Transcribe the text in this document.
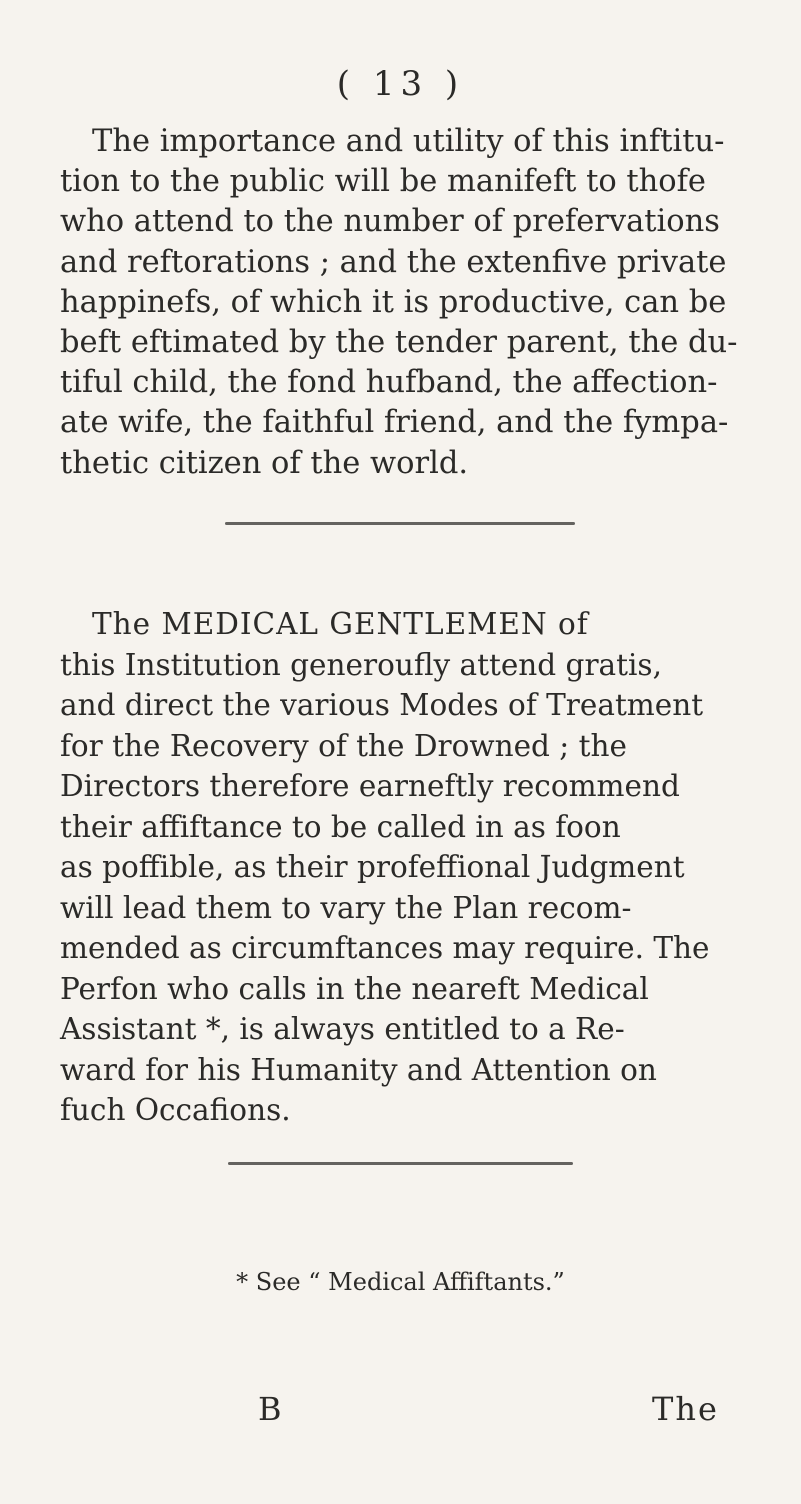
( 13 )
The importance and utility of this inftitu-
tion to the public will be manifeft to thofe
who attend to the number of prefervations
and reftorations ; and the extenfive private
happinefs, of which it is productive, can be
beft eftimated by the tender parent, the du-
tiful child, the fond hufband, the affection-
ate wife, the faithful friend, and the fympa-
thetic citizen of the world.
The MEDICAL GENTLEMEN of
this Institution generoufly attend gratis,
and direct the various Modes of Treatment
for the Recovery of the Drowned ; the
Directors therefore earneftly recommend
their affiftance to be called in as foon
as poffible, as their profeffional Judgment
will lead them to vary the Plan recom-
mended as circumftances may require. The
Perfon who calls in the neareft Medical
Assistant *, is always entitled to a Re-
ward for his Humanity and Attention on
fuch Occafions.
* See “ Medical Affiftants.”
B	The
